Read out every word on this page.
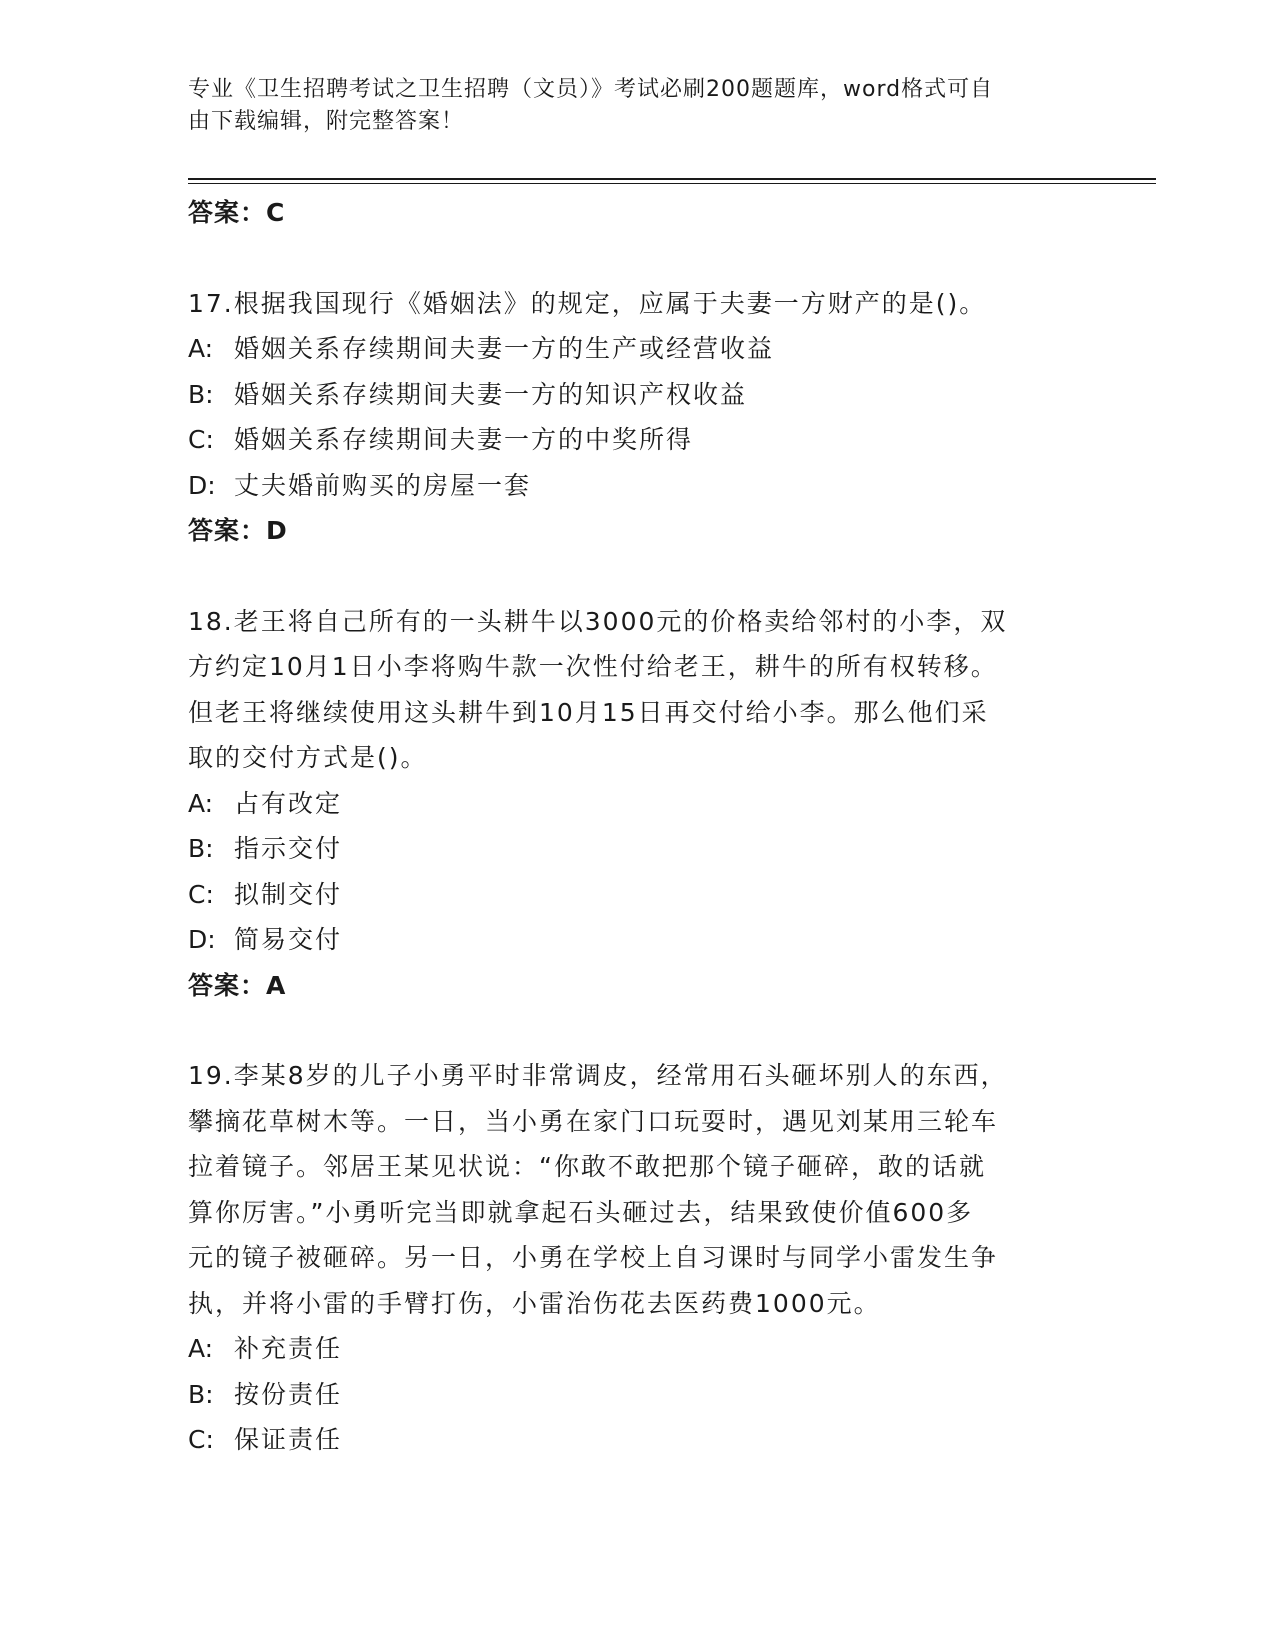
专业《卫生招聘考试之卫生招聘（文员）》考试必刷200题题库，word格式可自
由下载编辑，附完整答案！
答案：C
17.根据我国现行《婚姻法》的规定，应属于夫妻一方财产的是()。
A: 婚姻关系存续期间夫妻一方的生产或经营收益
B: 婚姻关系存续期间夫妻一方的知识产权收益
C: 婚姻关系存续期间夫妻一方的中奖所得
D: 丈夫婚前购买的房屋一套
答案：D
18.老王将自己所有的一头耕牛以3000元的价格卖给邻村的小李，双
方约定10月1日小李将购牛款一次性付给老王，耕牛的所有权转移。
但老王将继续使用这头耕牛到10月15日再交付给小李。那么他们采
取的交付方式是()。
A: 占有改定
B: 指示交付
C: 拟制交付
D: 简易交付
答案：A
19.李某8岁的儿子小勇平时非常调皮，经常用石头砸坏别人的东西，
攀摘花草树木等。一日，当小勇在家门口玩耍时，遇见刘某用三轮车
拉着镜子。邻居王某见状说：“你敢不敢把那个镜子砸碎，敢的话就
算你厉害。”小勇听完当即就拿起石头砸过去，结果致使价值600多
元的镜子被砸碎。另一日，小勇在学校上自习课时与同学小雷发生争
执，并将小雷的手臂打伤，小雷治伤花去医药费1000元。
A: 补充责任
B: 按份责任
C: 保证责任
